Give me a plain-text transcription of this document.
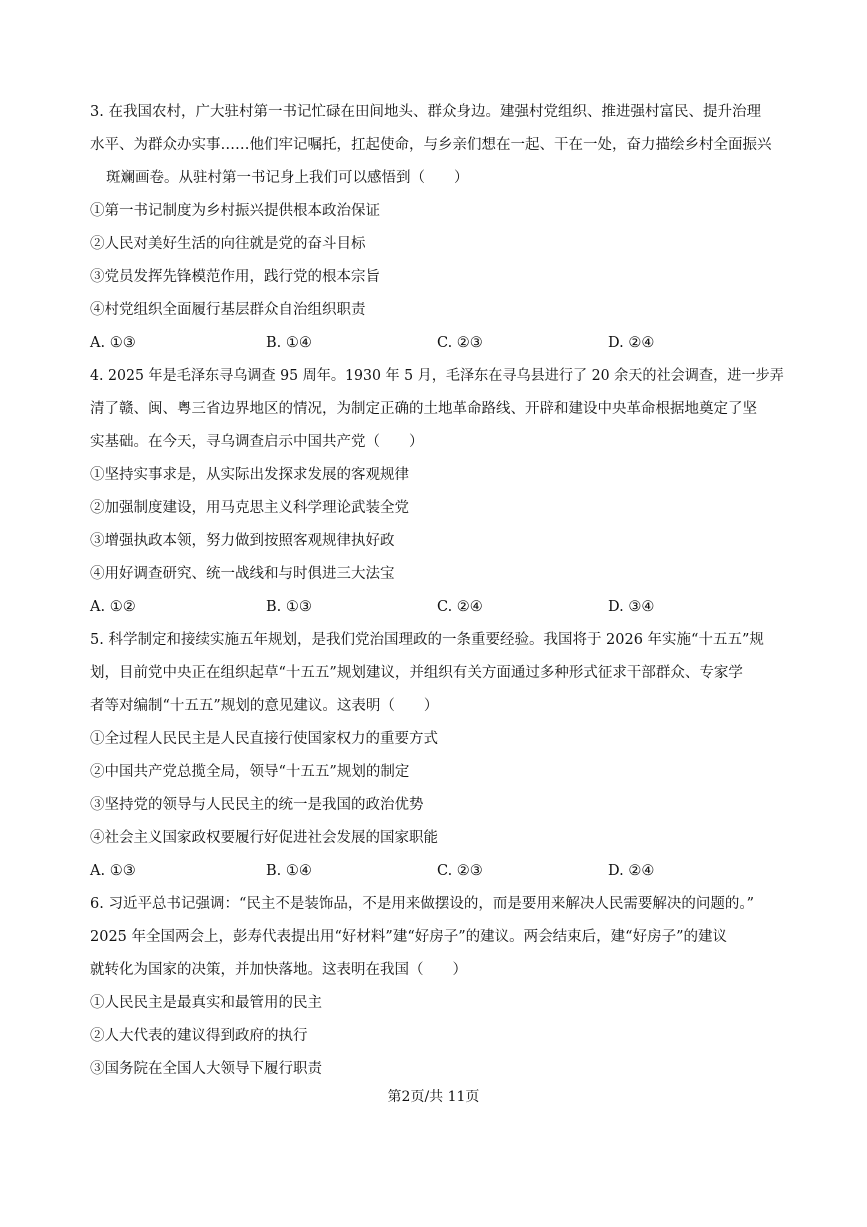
3. 在我国农村，广大驻村第一书记忙碌在田间地头、群众身边。建强村党组织、推进强村富民、提升治理
水平、为群众办实事……他们牢记嘱托，扛起使命，与乡亲们想在一起、干在一处，奋力描绘乡村全面振兴
斑斓画卷。从驻村第一书记身上我们可以感悟到（　　）
①第一书记制度为乡村振兴提供根本政治保证
②人民对美好生活的向往就是党的奋斗目标
③党员发挥先锋模范作用，践行党的根本宗旨
④村党组织全面履行基层群众自治组织职责
A. ①③	B. ①④	C. ②③	D. ②④
4. 2025 年是毛泽东寻乌调查 95 周年。1930 年 5 月，毛泽东在寻乌县进行了 20 余天的社会调查，进一步弄
清了赣、闽、粤三省边界地区的情况，为制定正确的土地革命路线、开辟和建设中央革命根据地奠定了坚
实基础。在今天，寻乌调查启示中国共产党（　　）
①坚持实事求是，从实际出发探求发展的客观规律
②加强制度建设，用马克思主义科学理论武装全党
③增强执政本领，努力做到按照客观规律执好政
④用好调查研究、统一战线和与时俱进三大法宝
A. ①②	B. ①③	C. ②④	D. ③④
5. 科学制定和接续实施五年规划，是我们党治国理政的一条重要经验。我国将于 2026 年实施“十五五”规
划，目前党中央正在组织起草“十五五”规划建议，并组织有关方面通过多种形式征求干部群众、专家学
者等对编制“十五五”规划的意见建议。这表明（　　）
①全过程人民民主是人民直接行使国家权力的重要方式
②中国共产党总揽全局，领导“十五五”规划的制定
③坚持党的领导与人民民主的统一是我国的政治优势
④社会主义国家政权要履行好促进社会发展的国家职能
A. ①③	B. ①④	C. ②③	D. ②④
6. 习近平总书记强调：“民主不是装饰品，不是用来做摆设的，而是要用来解决人民需要解决的问题的。”
2025 年全国两会上，彭寿代表提出用“好材料”建“好房子”的建议。两会结束后，建“好房子”的建议
就转化为国家的决策，并加快落地。这表明在我国（　　）
①人民民主是最真实和最管用的民主
②人大代表的建议得到政府的执行
③国务院在全国人大领导下履行职责
第2页/共 11页
